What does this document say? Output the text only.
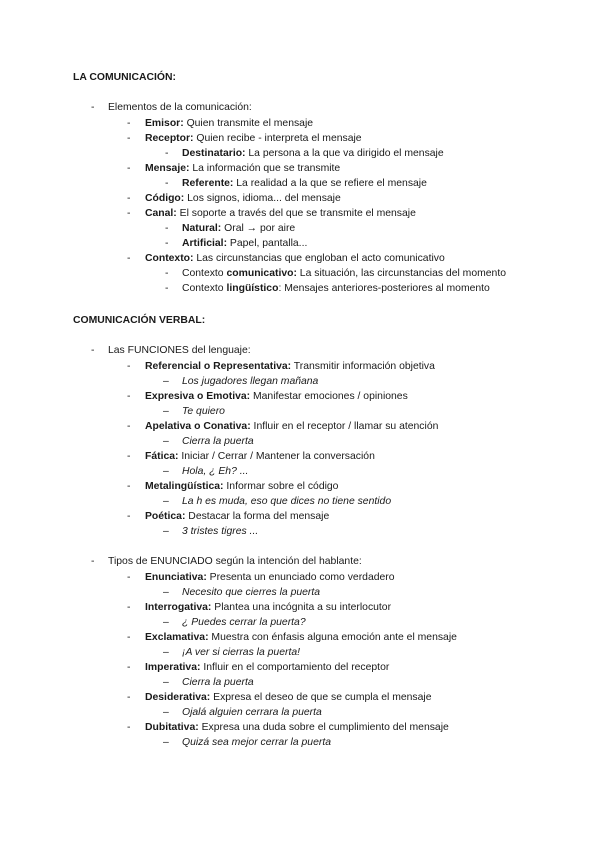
LA COMUNICACIÓN:
-	Elementos de la comunicación:
-	Emisor: Quien transmite el mensaje
-	Receptor: Quien recibe - interpreta el mensaje
-	Destinatario: La persona a la que va dirigido el mensaje
-	Mensaje: La información que se transmite
-	Referente: La realidad a la que se refiere el mensaje
-	Código: Los signos, idioma... del mensaje
-	Canal: El soporte a través del que se transmite el mensaje
-	Natural: Oral → por aire
-	Artificial: Papel, pantalla...
-	Contexto: Las circunstancias que engloban el acto comunicativo
-	Contexto comunicativo: La situación, las circunstancias del momento
-	Contexto lingüístico: Mensajes anteriores-posteriores al momento
COMUNICACIÓN VERBAL:
-	Las FUNCIONES del lenguaje:
-	Referencial o Representativa: Transmitir información objetiva
–	Los jugadores llegan mañana
-	Expresiva o Emotiva: Manifestar emociones / opiniones
–	Te quiero
-	Apelativa o Conativa: Influir en el receptor / llamar su atención
–	Cierra la puerta
-	Fática: Iniciar / Cerrar / Mantener la conversación
–	Hola, ¿ Eh? ...
-	Metalingüística: Informar sobre el código
–	La h es muda, eso que dices no tiene sentido
-	Poética: Destacar la forma del mensaje
–	3 tristes tigres ...
-	Tipos de ENUNCIADO según la intención del hablante:
-	Enunciativa: Presenta un enunciado como verdadero
–	Necesito que cierres la puerta
-	Interrogativa: Plantea una incógnita a su interlocutor
–	¿ Puedes cerrar la puerta?
-	Exclamativa: Muestra con énfasis alguna emoción ante el mensaje
–	¡A ver si cierras la puerta!
-	Imperativa: Influir en el comportamiento del receptor
–	Cierra la puerta
-	Desiderativa: Expresa el deseo de que se cumpla el mensaje
–	Ojalá alguien cerrara la puerta
-	Dubitativa: Expresa una duda sobre el cumplimiento del mensaje
–	Quizá sea mejor cerrar la puerta
